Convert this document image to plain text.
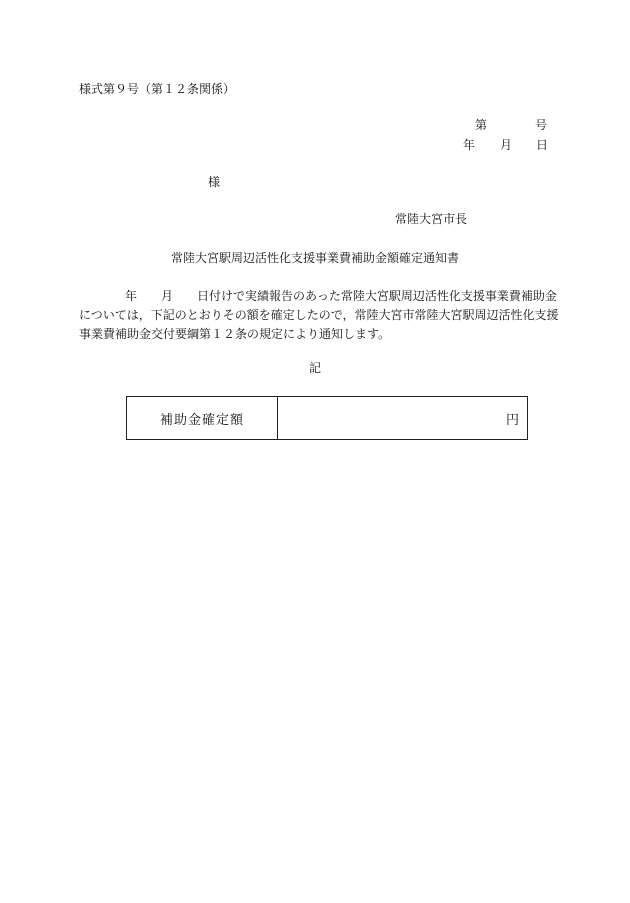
様式第９号（第１２条関係）
第	号
年 月 日
様
常陸大宮市長
常陸大宮駅周辺活性化支援事業費補助金額確定通知書
年 月 日付けで実績報告のあった常陸大宮駅周辺活性化支援事業費補助金
については，下記のとおりその額を確定したので，常陸大宮市常陸大宮駅周辺活性化支援
事業費補助金交付要綱第１２条の規定により通知します。
記
補助金確定額	円
